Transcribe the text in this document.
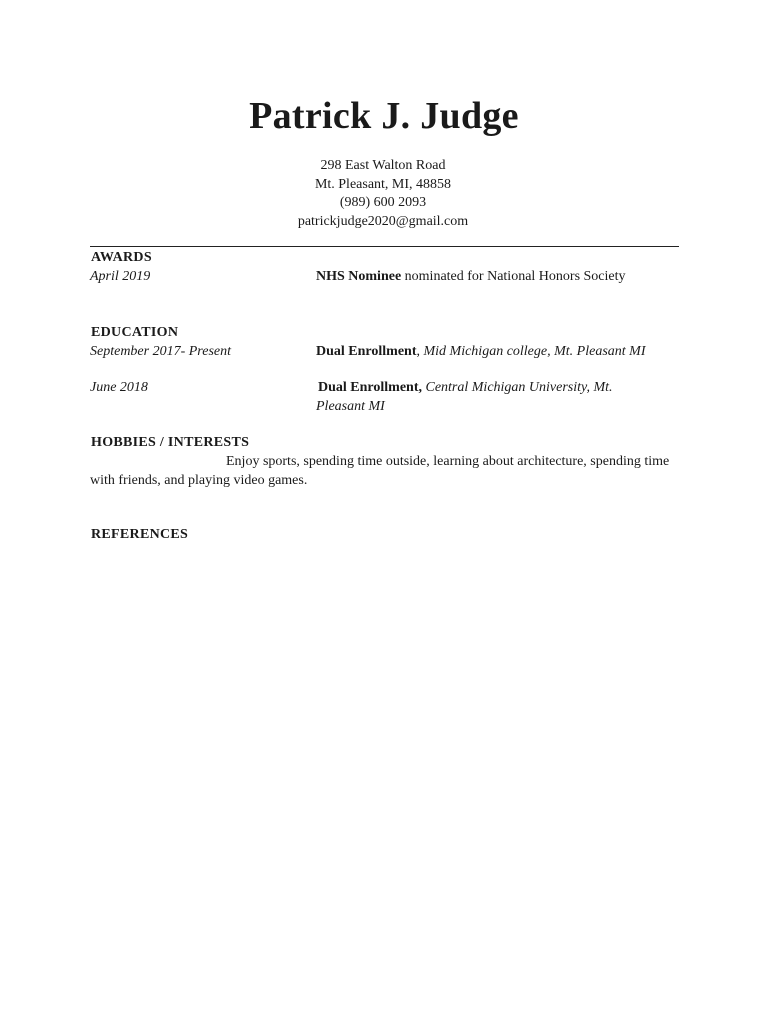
Patrick J. Judge
298 East Walton Road
Mt. Pleasant, MI, 48858
(989) 600 2093
patrickjudge2020@gmail.com
AWARDS
April 2019	NHS Nominee nominated for National Honors Society
EDUCATION
September 2017- Present	Dual Enrollment, Mid Michigan college, Mt. Pleasant MI
June 2018	Dual Enrollment, Central Michigan University, Mt.
Pleasant MI
HOBBIES / INTERESTS
Enjoy sports, spending time outside, learning about architecture, spending time
with friends, and playing video games.
REFERENCES
